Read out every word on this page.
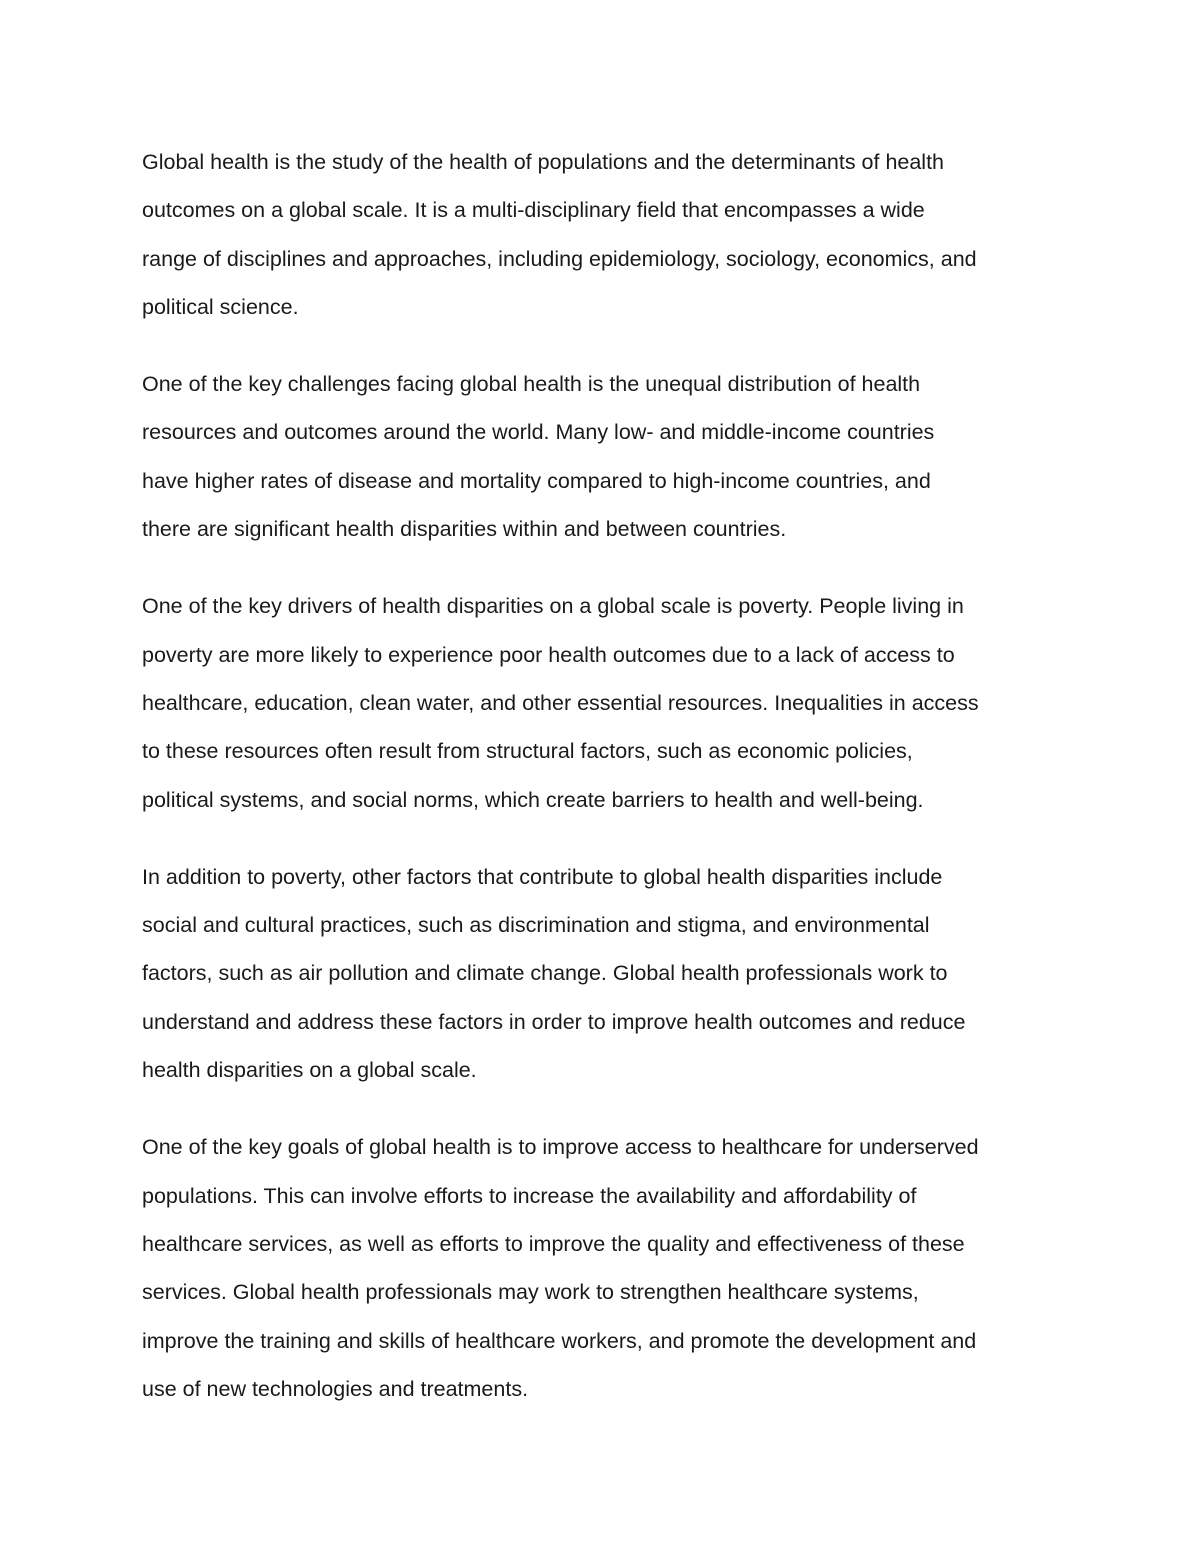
Global health is the study of the health of populations and the determinants of health
outcomes on a global scale. It is a multi-disciplinary field that encompasses a wide
range of disciplines and approaches, including epidemiology, sociology, economics, and
political science.

One of the key challenges facing global health is the unequal distribution of health
resources and outcomes around the world. Many low- and middle-income countries
have higher rates of disease and mortality compared to high-income countries, and
there are significant health disparities within and between countries.

One of the key drivers of health disparities on a global scale is poverty. People living in
poverty are more likely to experience poor health outcomes due to a lack of access to
healthcare, education, clean water, and other essential resources. Inequalities in access
to these resources often result from structural factors, such as economic policies,
political systems, and social norms, which create barriers to health and well-being.

In addition to poverty, other factors that contribute to global health disparities include
social and cultural practices, such as discrimination and stigma, and environmental
factors, such as air pollution and climate change. Global health professionals work to
understand and address these factors in order to improve health outcomes and reduce
health disparities on a global scale.

One of the key goals of global health is to improve access to healthcare for underserved
populations. This can involve efforts to increase the availability and affordability of
healthcare services, as well as efforts to improve the quality and effectiveness of these
services. Global health professionals may work to strengthen healthcare systems,
improve the training and skills of healthcare workers, and promote the development and
use of new technologies and treatments.
